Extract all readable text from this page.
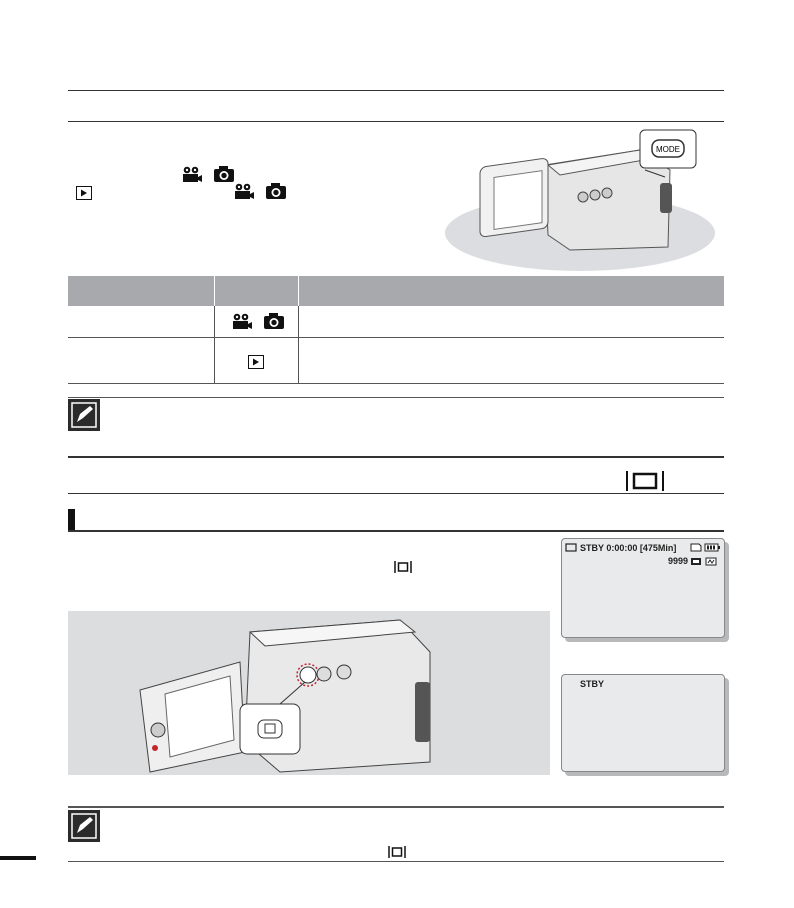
MODE
STBY 0:00:00 [475Min]
9999
STBY
